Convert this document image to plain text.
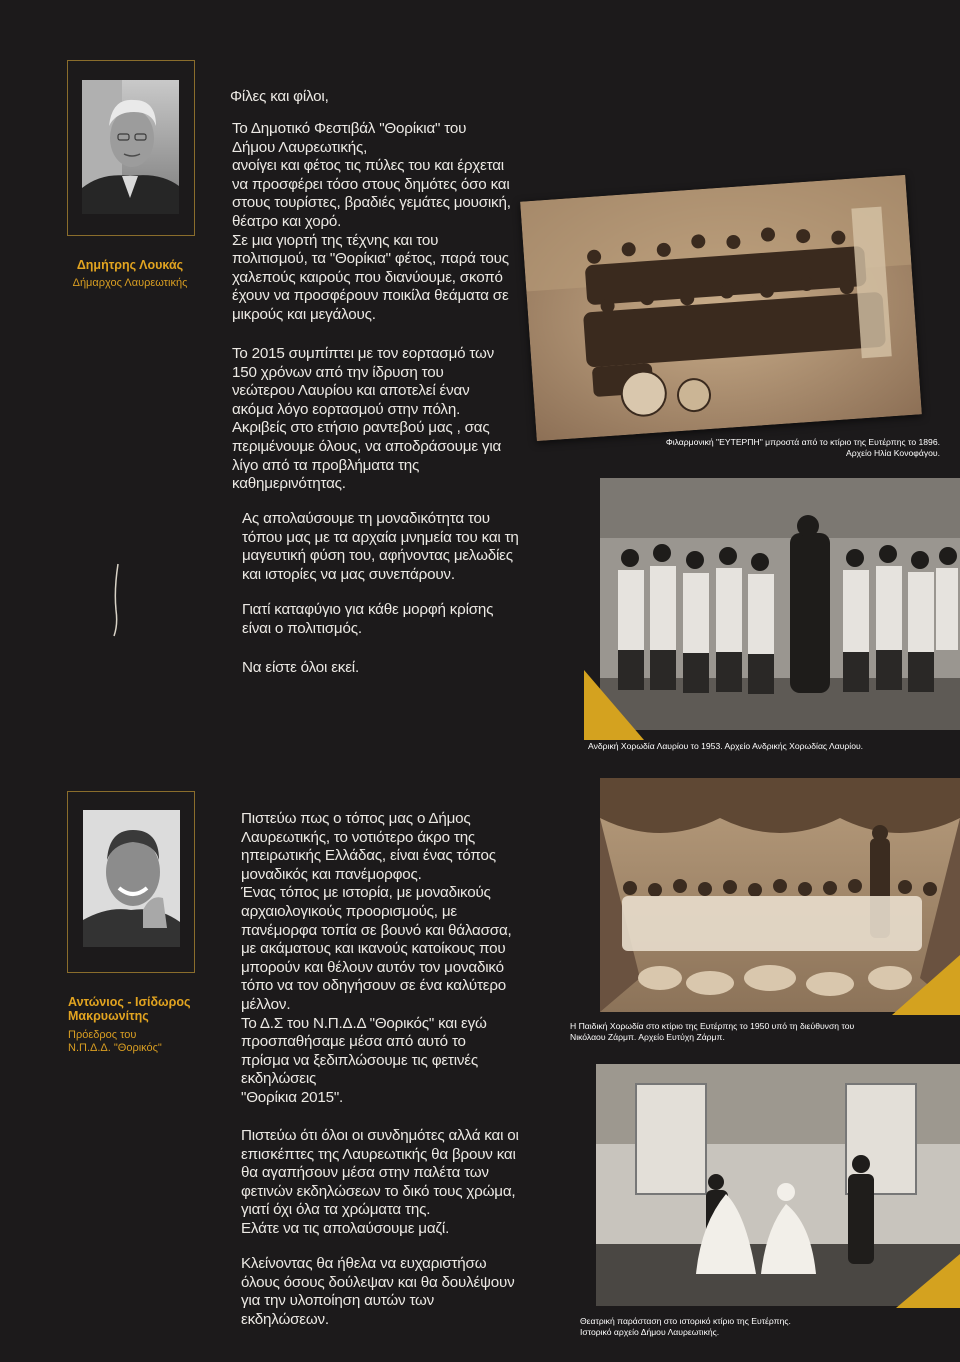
Δημήτρης Λουκάς
Δήμαρχος Λαυρεωτικής
Φίλες και φίλοι,
Το Δημοτικό Φεστιβάλ "Θορίκια" του
Δήμου Λαυρεωτικής,
ανοίγει και φέτος τις πύλες του και έρχεται
να προσφέρει τόσο στους δημότες όσο και
στους τουρίστες, βραδιές γεμάτες μουσική,
θέατρο και χορό.
Σε μια γιορτή της τέχνης και του
πολιτισμού, τα "Θορίκια" φέτος, παρά τους
χαλεπούς καιρούς που διανύουμε, σκοπό
έχουν να προσφέρουν ποικίλα θεάματα σε
μικρούς και μεγάλους.
Το 2015 συμπίπτει με τον εορτασμό των
150 χρόνων από την ίδρυση του
νεώτερου Λαυρίου και αποτελεί έναν
ακόμα λόγο εορτασμού στην πόλη.
Ακριβείς στο ετήσιο ραντεβού μας , σας
περιμένουμε όλους, να αποδράσουμε για
λίγο από τα προβλήματα της
καθημερινότητας.
Ας απολαύσουμε τη μοναδικότητα του
τόπου μας με τα αρχαία μνημεία του και τη
μαγευτική φύση του, αφήνοντας μελωδίες
και ιστορίες να μας συνεπάρουν.
Γιατί καταφύγιο για κάθε μορφή κρίσης
είναι ο πολιτισμός.
Να είστε όλοι εκεί.
Φιλαρμονική "ΕΥΤΕΡΠΗ" μπροστά από το κτίριο της Ευτέρπης το 1896.
Αρχείο Ηλία Κονοφάγου.
Ανδρική Χορωδία Λαυρίου το 1953. Αρχείο Ανδρικής Χορωδίας Λαυρίου.
Αντώνιος - Ισίδωρος
Μακρυωνίτης
Πρόεδρος του
Ν.Π.Δ.Δ. "Θορικός"
Πιστεύω πως ο τόπος μας ο Δήμος
Λαυρεωτικής, το νοτιότερο άκρο της
ηπειρωτικής Ελλάδας, είναι ένας τόπος
μοναδικός και πανέμορφος.
Ένας τόπος με ιστορία, με μοναδικούς
αρχαιολογικούς προορισμούς, με
πανέμορφα τοπία σε βουνό και θάλασσα,
με ακάματους και ικανούς κατοίκους που
μπορούν και θέλουν αυτόν τον μοναδικό
τόπο να τον οδηγήσουν σε ένα καλύτερο
μέλλον.
Το Δ.Σ του Ν.Π.Δ.Δ "Θορικός" και εγώ
προσπαθήσαμε μέσα από αυτό το
πρίσμα να ξεδιπλώσουμε τις φετινές
εκδηλώσεις
"Θορίκια 2015".
Πιστεύω ότι όλοι οι συνδημότες αλλά και οι
επισκέπτες της Λαυρεωτικής θα βρουν και
θα αγαπήσουν μέσα στην παλέτα των
φετινών εκδηλώσεων το δικό τους χρώμα,
γιατί όχι όλα τα χρώματα της.
Ελάτε να τις απολαύσουμε μαζί.
Κλείνοντας θα ήθελα να ευχαριστήσω
όλους όσους δούλεψαν και θα δουλέψουν
για την υλοποίηση αυτών των
εκδηλώσεων.
Η Παιδική Χορωδία στο κτίριο της Ευτέρπης το 1950 υπό τη διεύθυνση του
Νικόλαου Ζάρμπ. Αρχείο Ευτύχη Ζάρμπ.
Θεατρική παράσταση στο ιστορικό κτίριο της Ευτέρπης.
Ιστορικό αρχείο Δήμου Λαυρεωτικής.
